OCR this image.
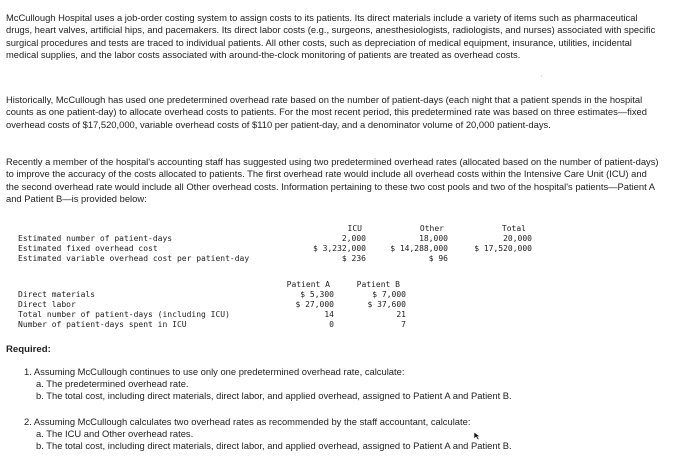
McCullough Hospital uses a job-order costing system to assign costs to its patients. Its direct materials include a variety of items such as pharmaceutical drugs, heart valves, artificial hips, and pacemakers. Its direct labor costs (e.g., surgeons, anesthesiologists, radiologists, and nurses) associated with specific surgical procedures and tests are traced to individual patients. All other costs, such as depreciation of medical equipment, insurance, utilities, incidental medical supplies, and the labor costs associated with around-the-clock monitoring of patients are treated as overhead costs.

Historically, McCullough has used one predetermined overhead rate based on the number of patient-days (each night that a patient spends in the hospital counts as one patient-day) to allocate overhead costs to patients. For the most recent period, this predetermined rate was based on three estimates—fixed overhead costs of $17,520,000, variable overhead costs of $110 per patient-day, and a denominator volume of 20,000 patient-days.

Recently a member of the hospital's accounting staff has suggested using two predetermined overhead rates (allocated based on the number of patient-days) to improve the accuracy of the costs allocated to patients. The first overhead rate would include all overhead costs within the Intensive Care Unit (ICU) and the second overhead rate would include all Other overhead costs. Information pertaining to these two cost pools and two of the hospital's patients—Patient A and Patient B—is provided below:

ˊ
ICU	Other	Total
Estimated number of patient-days	2,000	18,000	20,000
Estimated fixed overhead cost	$ 3,232,000	$ 14,288,000	$ 17,520,000
Estimated variable overhead cost per patient-day	$ 236	$ 96
Patient A	Patient B
Direct materials	$ 5,300	$ 7,000
Direct labor	$ 27,000	$ 37,600
Total number of patient-days (including ICU)	14	21
Number of patient-days spent in ICU	0	7

Required:

1. Assuming McCullough continues to use only one predetermined overhead rate, calculate:

a. The predetermined overhead rate.

b. The total cost, including direct materials, direct labor, and applied overhead, assigned to Patient A and Patient B.

2. Assuming McCullough calculates two overhead rates as recommended by the staff accountant, calculate:

a. The ICU and Other overhead rates.

b. The total cost, including direct materials, direct labor, and applied overhead, assigned to Patient A and Patient B.
